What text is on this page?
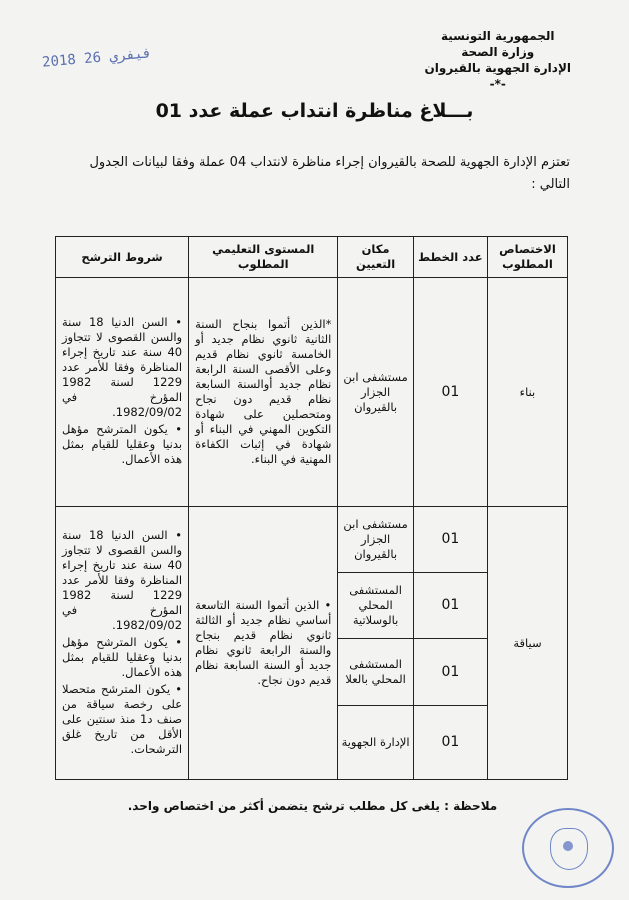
الجمهورية التونسية
وزارة الصحة
الإدارة الجهوية بالقيروان
-*-
2018 فيفري 26
بـــلاغ مناظرة انتداب عملة عدد 01
تعتزم الإدارة الجهوية للصحة بالقيروان إجراء مناظرة لانتداب 04 عملة وفقا لبيانات الجدول التالي :
الاختصاص المطلوب	عدد الخطط	مكان التعيين	المستوى التعليمي المطلوب	شروط الترشح
بناء	01	مستشفى ابن الجزار بالقيروان	*الذين أتموا بنجاح السنة الثانية ثانوي نظام جديد أو الخامسة ثانوي نظام قديم وعلى الأقصى السنة الرابعة نظام جديد أوالسنة السابعة نظام قديم دون نجاح ومتحصلين على شهادة التكوين المهني في البناء أو شهادة في إثبات الكفاءة المهنية في البناء.	• السن الدنيا 18 سنة والسن القصوى لا تتجاوز 40 سنة عند تاريخ إجراء المناظرة وفقا للأمر عدد 1229 لسنة 1982 المؤرخ في 1982/09/02.

• يكون المترشح مؤهل بدنيا وعقليا للقيام بمثل هذه الأعمال.

سياقة	01	مستشفى ابن الجزار بالقيروان	• الذين أتموا السنة التاسعة أساسي نظام جديد أو الثالثة ثانوي نظام قديم بنجاح والسنة الرابعة ثانوي نظام جديد أو السنة السابعة نظام قديم دون نجاح.	• السن الدنيا 18 سنة والسن القصوى لا تتجاوز 40 سنة عند تاريخ إجراء المناظرة وفقا للأمر عدد 1229 لسنة 1982 المؤرخ في 1982/09/02.

• يكون المترشح مؤهل بدنيا وعقليا للقيام بمثل هذه الأعمال.

• يكون المترشح متحصلا على رخصة سياقة من صنف د1 منذ سنتين على الأقل من تاريخ غلق الترشحات.

	01	المستشفى المحلي بالوسلاتية		
	01	المستشفى المحلي بالعلا		
	01	الإدارة الجهوية		
ملاحظة : يلغى كل مطلب ترشح يتضمن أكثر من اختصاص واحد.
